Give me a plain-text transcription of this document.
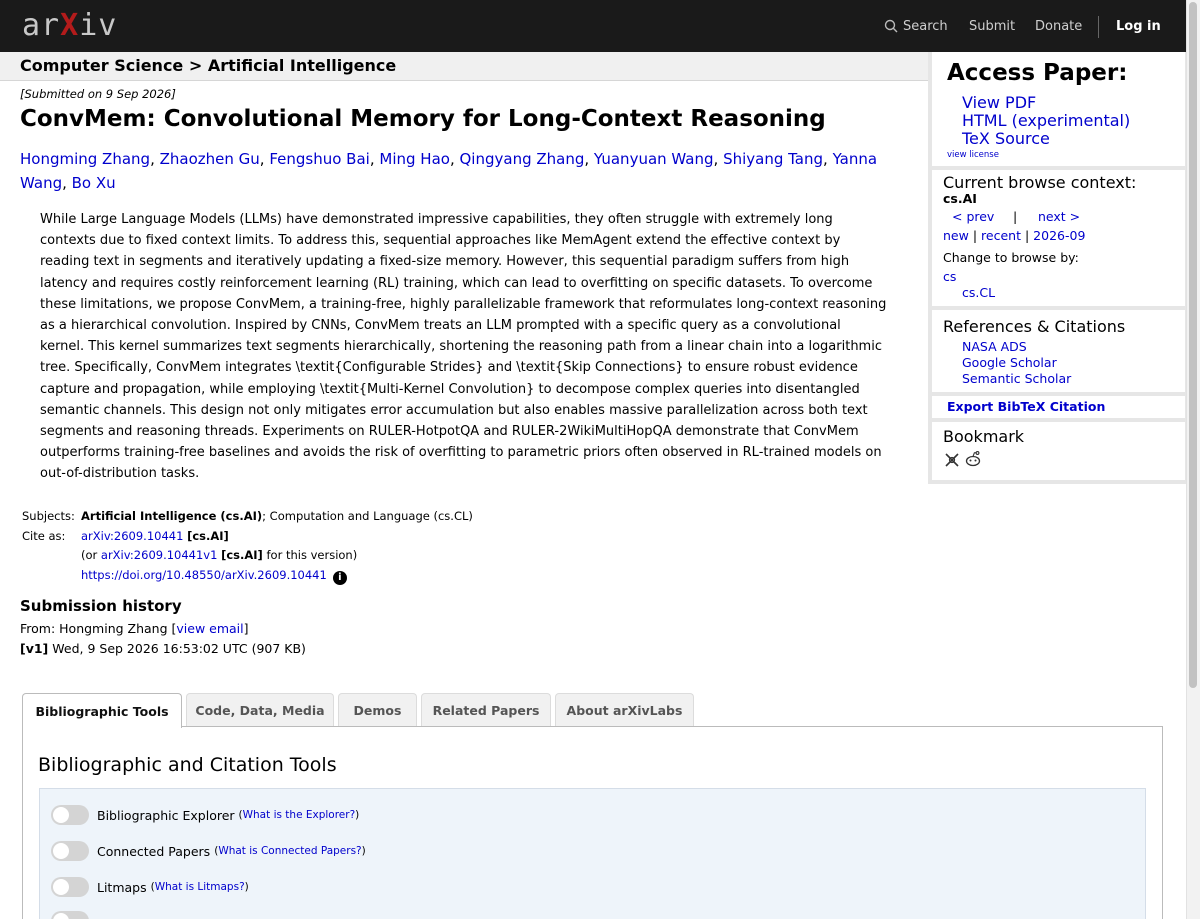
arXiv	Search Submit Donate	Log in
Computer Science > Artificial Intelligence
[Submitted on 9 Sep 2026]
ConvMem: Convolutional Memory for Long-Context Reasoning
Hongming Zhang, Zhaozhen Gu, Fengshuo Bai, Ming Hao, Qingyang Zhang, Yuanyuan Wang, Shiyang Tang, Yanna Wang, Bo Xu
While Large Language Models (LLMs) have demonstrated impressive capabilities, they often struggle with extremely long contexts due to fixed context limits. To address this, sequential approaches like MemAgent extend the effective context by reading text in segments and iteratively updating a fixed-size memory. However, this sequential paradigm suffers from high latency and requires costly reinforcement learning (RL) training, which can lead to overfitting on specific datasets. To overcome these limitations, we propose ConvMem, a training-free, highly parallelizable framework that reformulates long-context reasoning as a hierarchical convolution. Inspired by CNNs, ConvMem treats an LLM prompted with a specific query as a convolutional kernel. This kernel summarizes text segments hierarchically, shortening the reasoning path from a linear chain into a logarithmic tree. Specifically, ConvMem integrates \textit{Configurable Strides} and \textit{Skip Connections} to ensure robust evidence capture and propagation, while employing \textit{Multi-Kernel Convolution} to decompose complex queries into disentangled semantic channels. This design not only mitigates error accumulation but also enables massive parallelization across both text segments and reasoning threads. Experiments on RULER-HotpotQA and RULER-2WikiMultiHopQA demonstrate that ConvMem outperforms training-free baselines and avoids the risk of overfitting to parametric priors often observed in RL-trained models on out-of-distribution tasks.
Subjects: Artificial Intelligence (cs.AI); Computation and Language (cs.CL)
Cite as:	arXiv:2609.10441 [cs.AI]
(or arXiv:2609.10441v1 [cs.AI] for this version)
https://doi.org/10.48550/arXiv.2609.10441 i
Submission history
From: Hongming Zhang [view email]
[v1] Wed, 9 Sep 2026 16:53:02 UTC (907 KB)
Access Paper:
View PDF
HTML (experimental)
TeX Source
view license
Current browse context:
cs.AI
< prev | next >
new | recent | 2026-09
Change to browse by:
cs
cs.CL
References & Citations
NASA ADS
Google Scholar
Semantic Scholar
Export BibTeX Citation
Bookmark
Bibliographic Tools	Code, Data, Media	Demos	Related Papers	About arXivLabs
Bibliographic and Citation Tools
Bibliographic Explorer (What is the Explorer?)
Connected Papers (What is Connected Papers?)
Litmaps (What is Litmaps?)
